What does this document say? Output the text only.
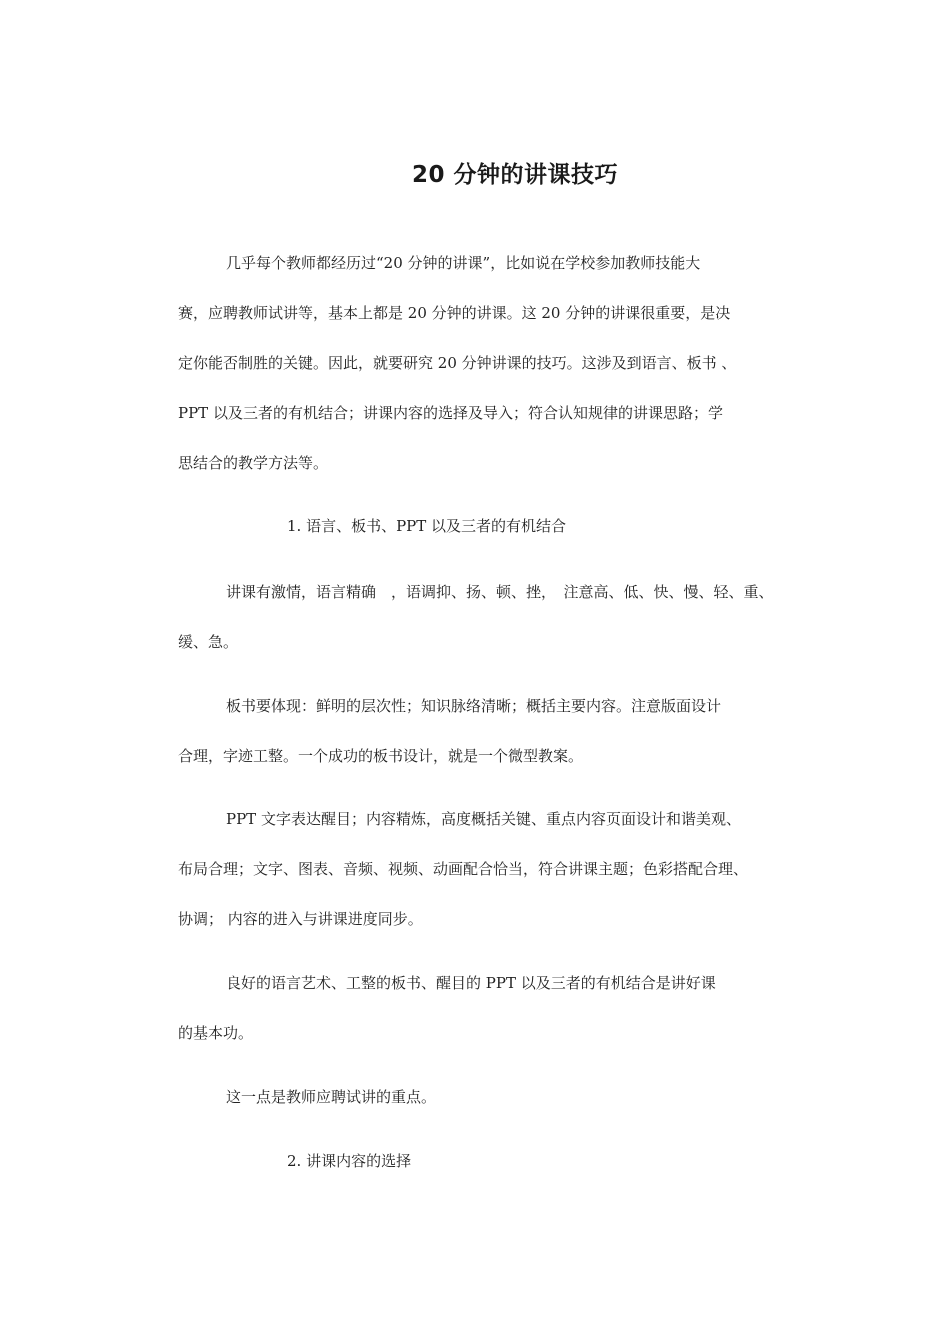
20 分钟的讲课技巧

几乎每个教师都经历过“20 分钟的讲课”，比如说在学校参加教师技能大

赛，应聘教师试讲等，基本上都是 20 分钟的讲课。这 20 分钟的讲课很重要，是决

定你能否制胜的关键。因此，就要研究 20 分钟讲课的技巧。这涉及到语言、板书 、

PPT 以及三者的有机结合；讲课内容的选择及导入；符合认知规律的讲课思路；学

思结合的教学方法等。

1. 语言、板书、PPT 以及三者的有机结合

讲课有激情，语言精确　，语调抑、扬、顿、挫，　注意高、低、快、慢、轻、重、

缓、急。

板书要体现：鲜明的层次性；知识脉络清晰；概括主要内容。注意版面设计

合理，字迹工整。一个成功的板书设计，就是一个微型教案。

PPT 文字表达醒目；内容精炼，高度概括关键、重点内容页面设计和谐美观、

布局合理；文字、图表、音频、视频、动画配合恰当，符合讲课主题；色彩搭配合理、

协调； 内容的进入与讲课进度同步。

良好的语言艺术、工整的板书、醒目的 PPT 以及三者的有机结合是讲好课

的基本功。

这一点是教师应聘试讲的重点。

2. 讲课内容的选择
